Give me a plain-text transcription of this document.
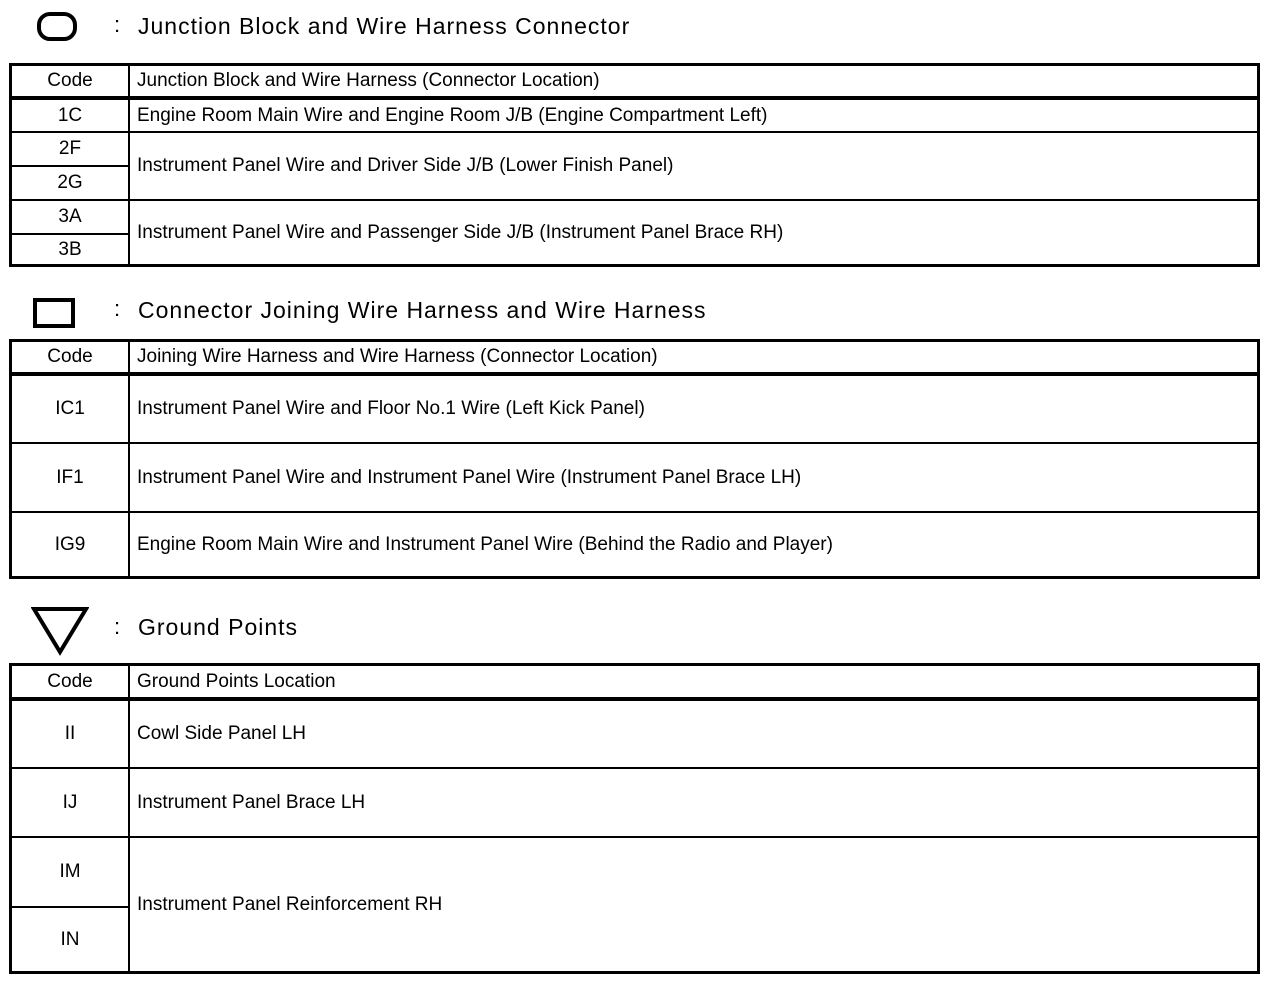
: Junction Block and Wire Harness Connector
Code	Junction Block and Wire Harness (Connector Location)
1C	Engine Room Main Wire and Engine Room J/B (Engine Compartment Left)
2F	Instrument Panel Wire and Driver Side J/B (Lower Finish Panel)
2G	
3A	Instrument Panel Wire and Passenger Side J/B (Instrument Panel Brace RH)
3B	
: Connector Joining Wire Harness and Wire Harness
Code	Joining Wire Harness and Wire Harness (Connector Location)
IC1	Instrument Panel Wire and Floor No.1 Wire (Left Kick Panel)
IF1	Instrument Panel Wire and Instrument Panel Wire (Instrument Panel Brace LH)
IG9	Engine Room Main Wire and Instrument Panel Wire (Behind the Radio and Player)
: Ground Points
Code	Ground Points Location
II	Cowl Side Panel LH
IJ	Instrument Panel Brace LH
IM	Instrument Panel Reinforcement RH
IN	
